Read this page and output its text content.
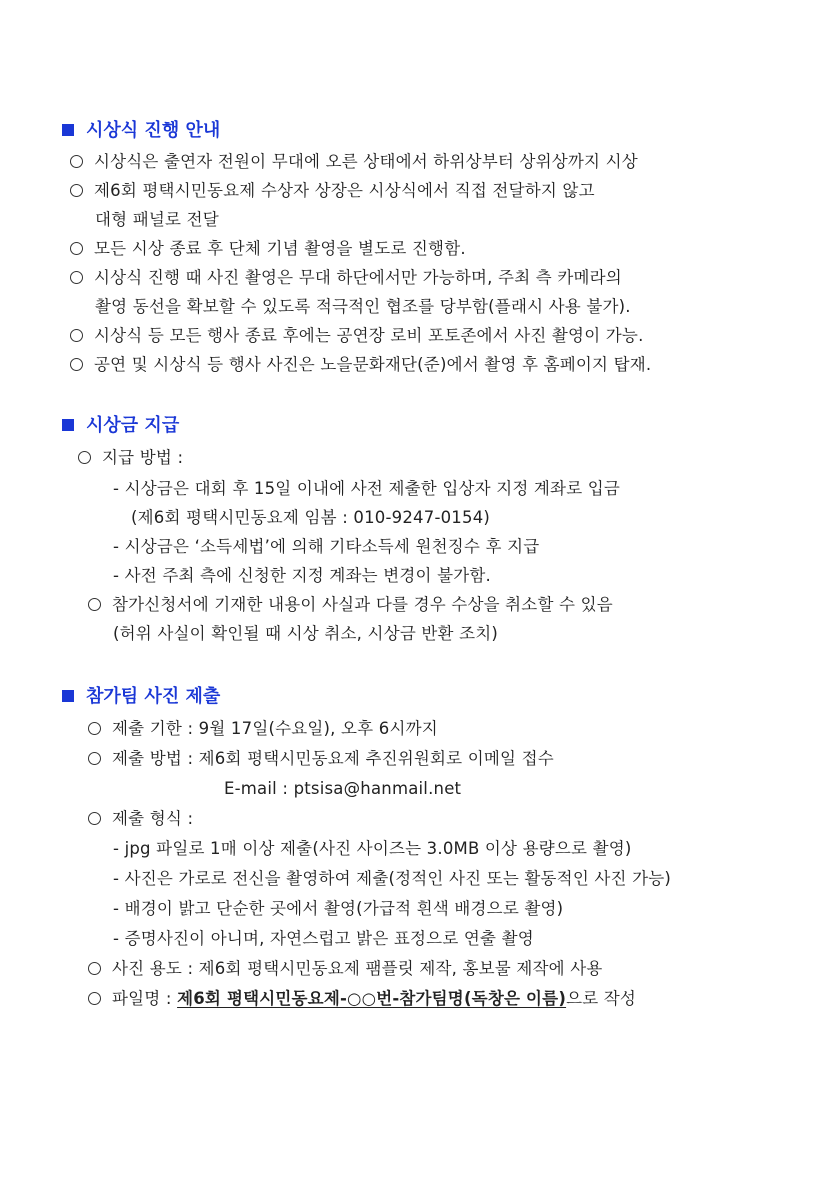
시상식 진행 안내
시상식은 출연자 전원이 무대에 오른 상태에서 하위상부터 상위상까지 시상
제6회 평택시민동요제 수상자 상장은 시상식에서 직접 전달하지 않고
대형 패널로 전달
모든 시상 종료 후 단체 기념 촬영을 별도로 진행함.
시상식 진행 때 사진 촬영은 무대 하단에서만 가능하며, 주최 측 카메라의
촬영 동선을 확보할 수 있도록 적극적인 협조를 당부함(플래시 사용 불가).
시상식 등 모든 행사 종료 후에는 공연장 로비 포토존에서 사진 촬영이 가능.
공연 및 시상식 등 행사 사진은 노을문화재단(준)에서 촬영 후 홈페이지 탑재.
시상금 지급
지급 방법 :
- 시상금은 대회 후 15일 이내에 사전 제출한 입상자 지정 계좌로 입금
(제6회 평택시민동요제 임봄 : 010-9247-0154)
- 시상금은 ‘소득세법’에 의해 기타소득세 원천징수 후 지급
- 사전 주최 측에 신청한 지정 계좌는 변경이 불가함.
참가신청서에 기재한 내용이 사실과 다를 경우 수상을 취소할 수 있음
(허위 사실이 확인될 때 시상 취소, 시상금 반환 조치)
참가팀 사진 제출
제출 기한 : 9월 17일(수요일), 오후 6시까지
제출 방법 : 제6회 평택시민동요제 추진위원회로 이메일 접수
E-mail : ptsisa@hanmail.net
제출 형식 :
- jpg 파일로 1매 이상 제출(사진 사이즈는 3.0MB 이상 용량으로 촬영)
- 사진은 가로로 전신을 촬영하여 제출(정적인 사진 또는 활동적인 사진 가능)
- 배경이 밝고 단순한 곳에서 촬영(가급적 흰색 배경으로 촬영)
- 증명사진이 아니며, 자연스럽고 밝은 표정으로 연출 촬영
사진 용도 : 제6회 평택시민동요제 팸플릿 제작, 홍보물 제작에 사용
파일명 : 제6회 평택시민동요제-○○번-참가팀명(독창은 이름)으로 작성
